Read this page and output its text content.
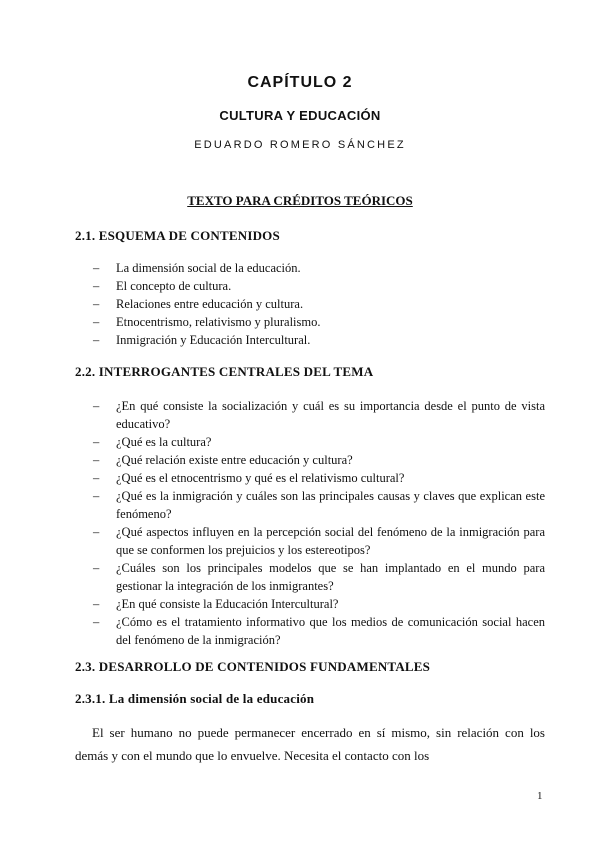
CAPÍTULO 2
CULTURA Y EDUCACIÓN
EDUARDO ROMERO SÁNCHEZ
TEXTO PARA CRÉDITOS TEÓRICOS
2.1. ESQUEMA DE CONTENIDOS
– La dimensión social de la educación.
– El concepto de cultura.
– Relaciones entre educación y cultura.
– Etnocentrismo, relativismo y pluralismo.
– Inmigración y Educación Intercultural.
2.2. INTERROGANTES CENTRALES DEL TEMA
– ¿En qué consiste la socialización y cuál es su importancia desde el punto de vista educativo?
– ¿Qué es la cultura?
– ¿Qué relación existe entre educación y cultura?
– ¿Qué es el etnocentrismo y qué es el relativismo cultural?
– ¿Qué es la inmigración y cuáles son las principales causas y claves que explican este fenómeno?
– ¿Qué aspectos influyen en la percepción social del fenómeno de la inmigración para que se conformen los prejuicios y los estereotipos?
– ¿Cuáles son los principales modelos que se han implantado en el mundo para gestionar la integración de los inmigrantes?
– ¿En qué consiste la Educación Intercultural?
– ¿Cómo es el tratamiento informativo que los medios de comunicación social hacen del fenómeno de la inmigración?
2.3. DESARROLLO DE CONTENIDOS FUNDAMENTALES
2.3.1. La dimensión social de la educación

El ser humano no puede permanecer encerrado en sí mismo, sin relación con los demás y con el mundo que lo envuelve. Necesita el contacto con los

1
